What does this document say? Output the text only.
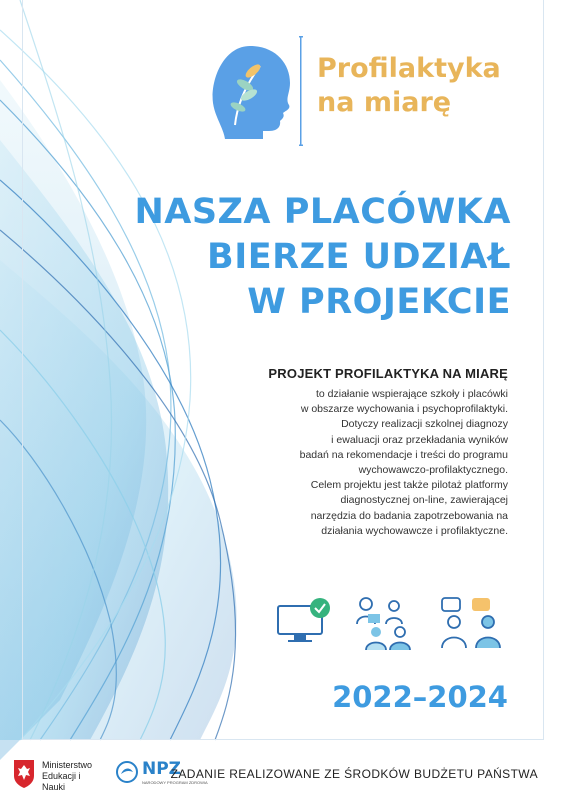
Profilaktyka
na miarę
NASZA PLACÓWKA
BIERZE UDZIAŁ
W PROJEKCIE
PROJEKT PROFILAKTYKA NA MIARĘ
to działanie wspierające szkoły i placówki
w obszarze wychowania i psychoprofilaktyki.
Dotyczy realizacji szkolnej diagnozy
i ewaluacji oraz przekładania wyników
badań na rekomendacje i treści do programu
wychowawczo-profilaktycznego.
Celem projektu jest także pilotaż platformy
diagnostycznej on-line, zawierającej
narzędzia do badania zapotrzebowania na
działania wychowawcze i profilaktyczne.
2022–2024
Ministerstwo
Edukacji i Nauki
NPZ
NARODOWY PROGRAM ZDROWIA
ZADANIE REALIZOWANE ZE ŚRODKÓW BUDŻETU PAŃSTWA
